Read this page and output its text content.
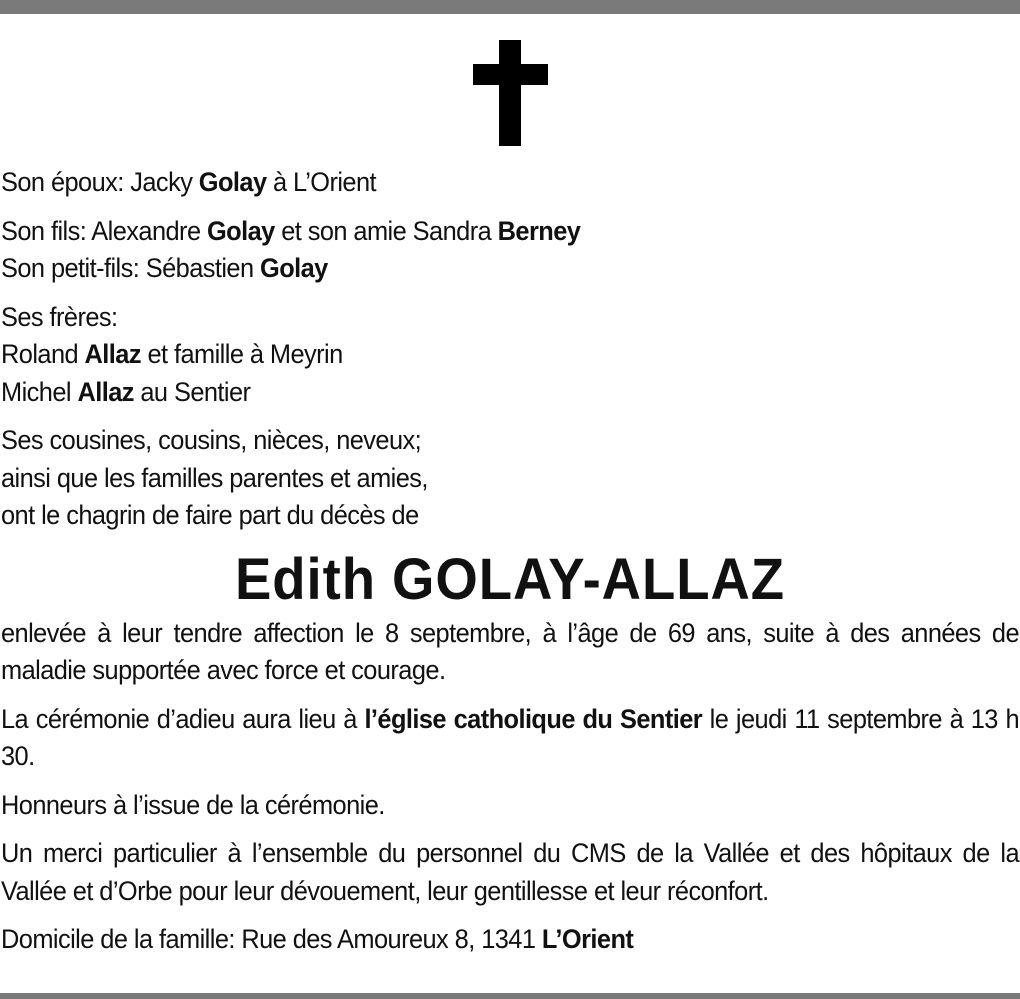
Son époux: Jacky Golay à L’Orient

Son fils: Alexandre Golay et son amie Sandra Berney

Son petit-fils: Sébastien Golay

Ses frères:

Roland Allaz et famille à Meyrin

Michel Allaz au Sentier

Ses cousines, cousins, nièces, neveux;

ainsi que les familles parentes et amies,

ont le chagrin de faire part du décès de

Edith GOLAY-ALLAZ

enlevée à leur tendre affection le 8 septembre, à l’âge de 69 ans, suite à des années de maladie supportée avec force et courage.

La cérémonie d’adieu aura lieu à l’église catholique du Sentier le jeudi 11 septembre à 13 h 30.

Honneurs à l’issue de la cérémonie.

Un merci particulier à l’ensemble du personnel du CMS de la Vallée et des hôpitaux de la Vallée et d’Orbe pour leur dévouement, leur gentillesse et leur réconfort.

Domicile de la famille: Rue des Amoureux 8, 1341 L’Orient
